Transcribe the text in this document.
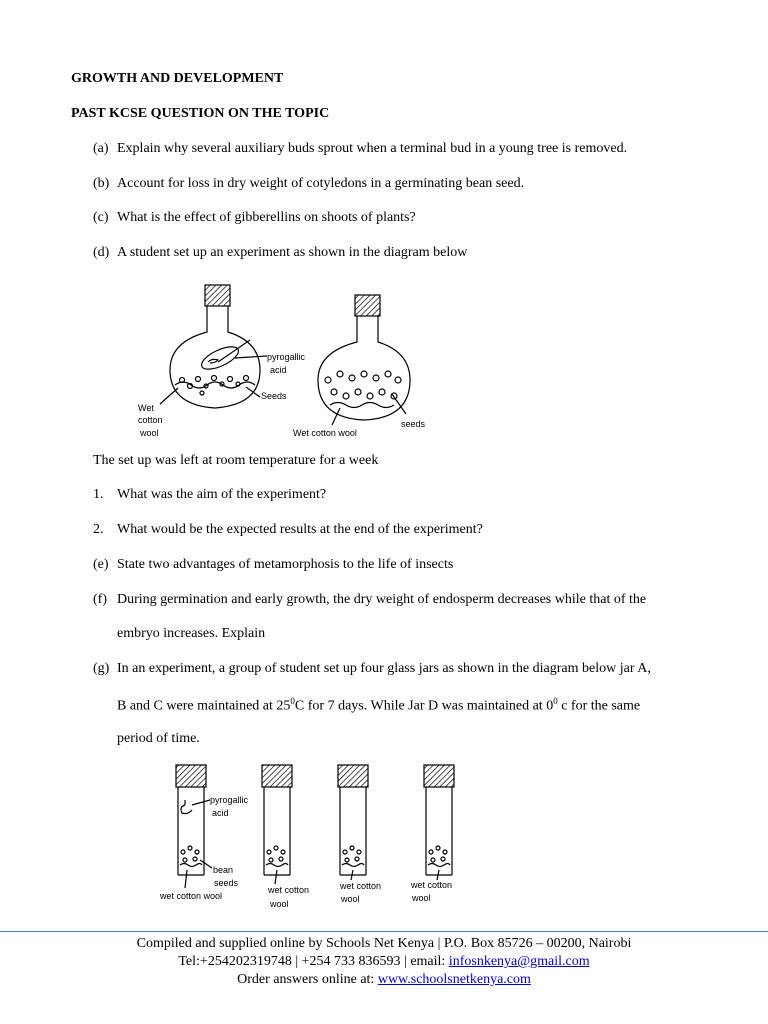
GROWTH AND DEVELOPMENT
PAST KCSE QUESTION ON THE TOPIC
(a) Explain why several auxiliary buds sprout when a terminal bud in a young tree is removed.
(b) Account for loss in dry weight of cotyledons in a germinating bean seed.
(c) What is the effect of gibberellins on shoots of plants?
(d) A student set up an experiment as shown in the diagram below
pyrogallic
acid
Seeds
Wet
cotton
wool	Wet cotton wool
seeds
The set up was left at room temperature for a week
1. What was the aim of the experiment?
2. What would be the expected results at the end of the experiment?
(e) State two advantages of metamorphosis to the life of insects
(f) During germination and early growth, the dry weight of endosperm decreases while that of the
embryo increases. Explain
(g) In an experiment, a group of student set up four glass jars as shown in the diagram below jar A,
B and C were maintained at $25^0C$ for 7 days. While Jar D was maintained at $0^0$ c for the same
period of time.
pyrogallic
acid
bean
seeds
wet cotton wool
wet cotton
wool
wet cotton
wool
wet cotton
wool
Compiled and supplied online by Schools Net Kenya | P.O. Box 85726 – 00200, Nairobi
Tel:+254202319748 | +254 733 836593 | email: infosnkenya@gmail.com
Order answers online at: www.schoolsnetkenya.com
